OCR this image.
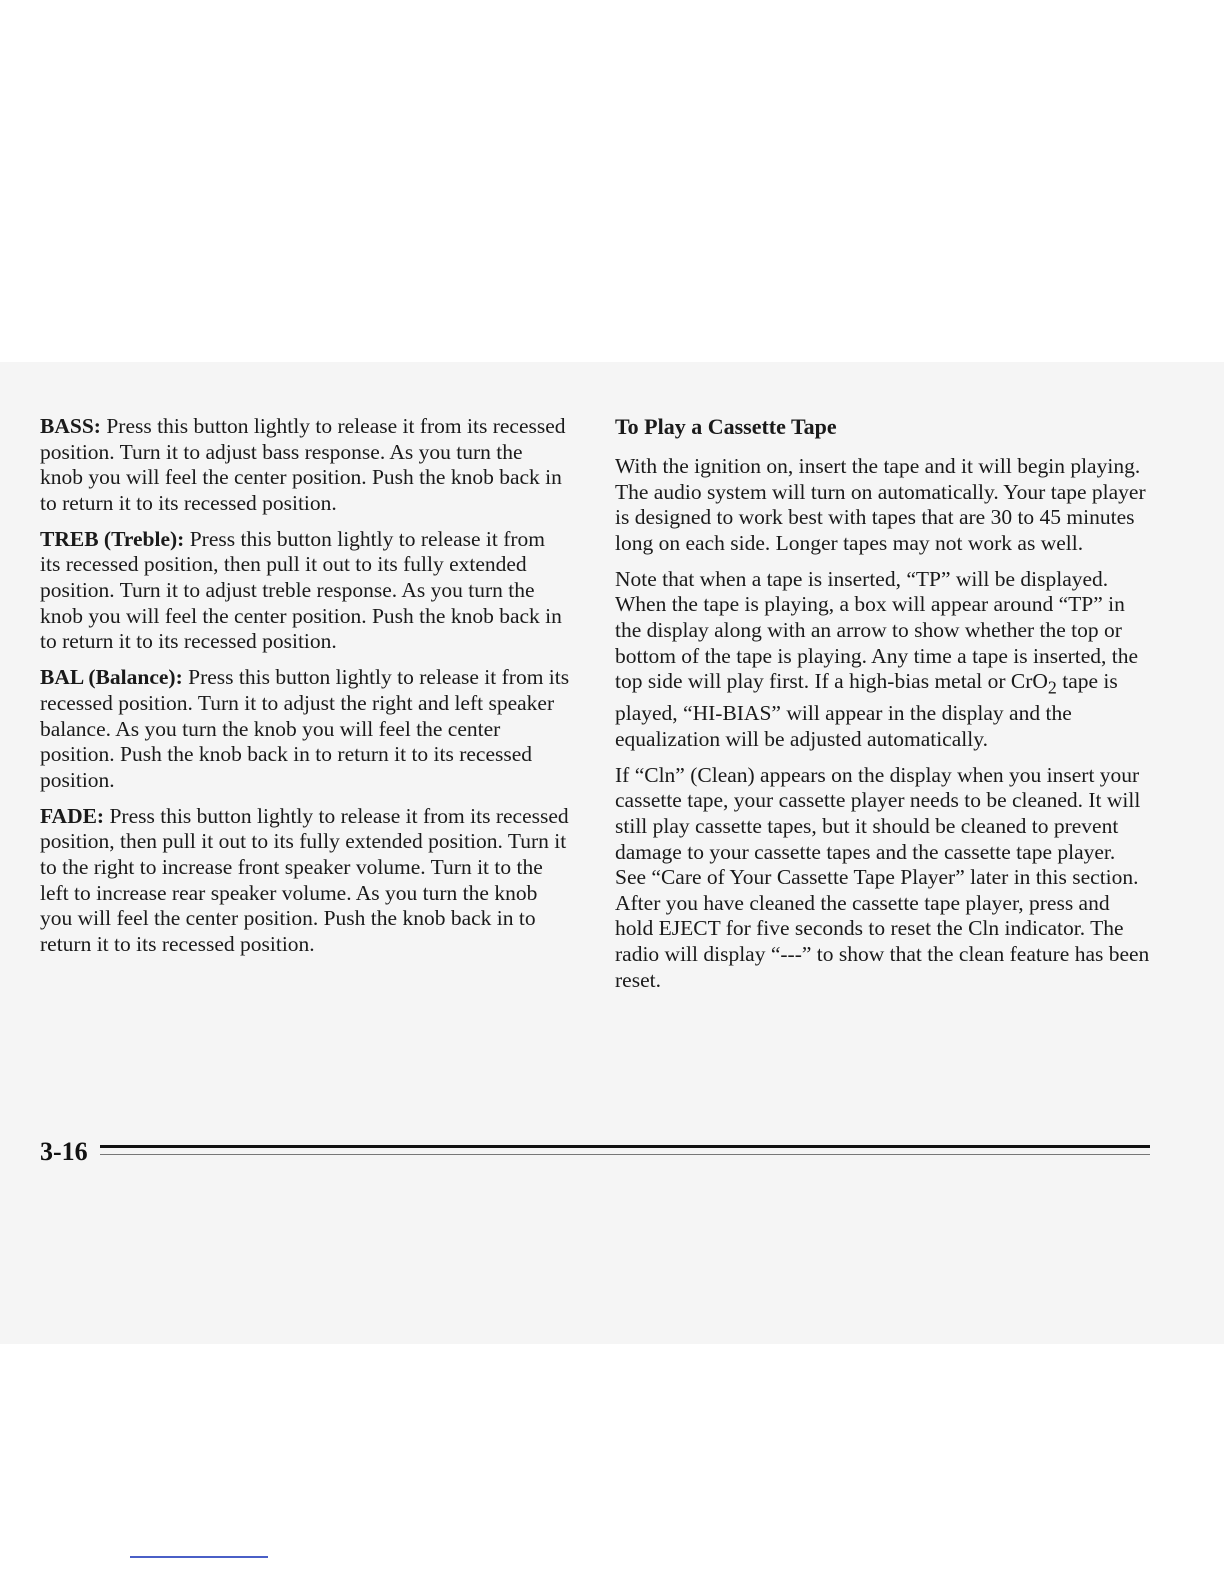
BASS: Press this button lightly to release it from its recessed position. Turn it to adjust bass response. As you turn the knob you will feel the center position. Push the knob back in to return it to its recessed position.

TREB (Treble): Press this button lightly to release it from its recessed position, then pull it out to its fully extended position. Turn it to adjust treble response. As you turn the knob you will feel the center position. Push the knob back in to return it to its recessed position.

BAL (Balance): Press this button lightly to release it from its recessed position. Turn it to adjust the right and left speaker balance. As you turn the knob you will feel the center position. Push the knob back in to return it to its recessed position.

FADE: Press this button lightly to release it from its recessed position, then pull it out to its fully extended position. Turn it to the right to increase front speaker volume. Turn it to the left to increase rear speaker volume. As you turn the knob you will feel the center position. Push the knob back in to return it to its recessed position.

To Play a Cassette Tape

With the ignition on, insert the tape and it will begin playing. The audio system will turn on automatically. Your tape player is designed to work best with tapes that are 30 to 45 minutes long on each side. Longer tapes may not work as well.

Note that when a tape is inserted, “TP” will be displayed. When the tape is playing, a box will appear around “TP” in the display along with an arrow to show whether the top or bottom of the tape is playing. Any time a tape is inserted, the top side will play first. If a high-bias metal or CrO$_2$ tape is played, “HI-BIAS” will appear in the display and the equalization will be adjusted automatically.

If “Cln” (Clean) appears on the display when you insert your cassette tape, your cassette player needs to be cleaned. It will still play cassette tapes, but it should be cleaned to prevent damage to your cassette tapes and the cassette tape player. See “Care of Your Cassette Tape Player” later in this section. After you have cleaned the cassette tape player, press and hold EJECT for five seconds to reset the Cln indicator. The radio will display “---” to show that the clean feature has been reset.

3-16
